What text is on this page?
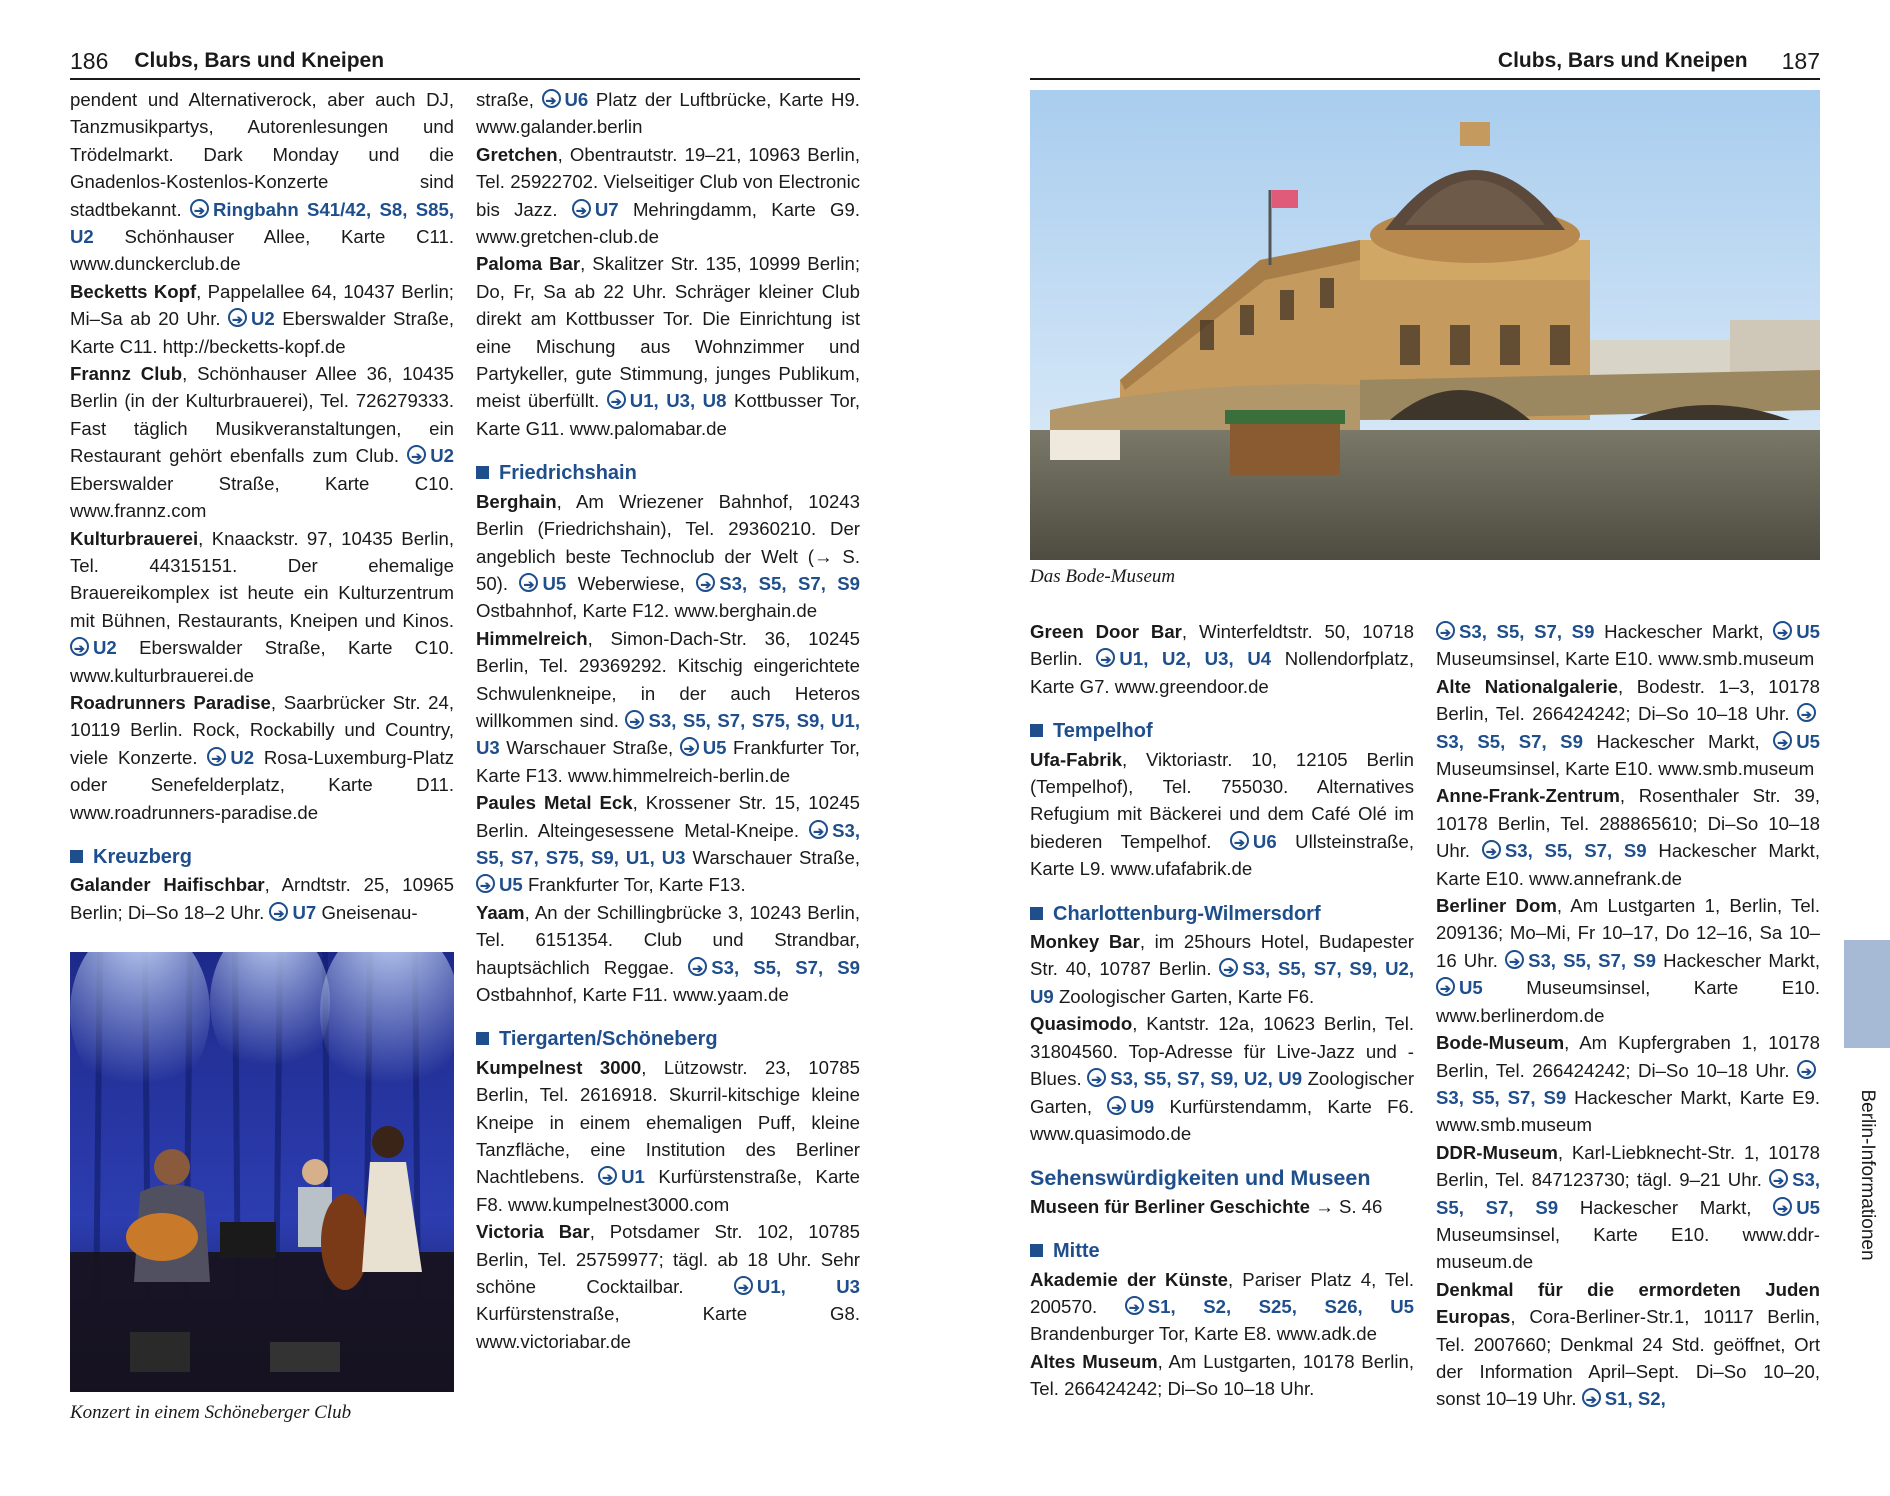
186 Clubs, Bars und Kneipen

pendent und Alternativerock, aber auch DJ, Tanzmusikpartys, Autorenlesungen und Trödelmarkt. Dark Monday und die Gnadenlos-Kostenlos-Konzerte sind stadtbekannt. ➔ Ringbahn S41/42, S8, S85, U2 Schönhauser Allee, Karte C11. www.dunckerclub.de

Becketts Kopf, Pappelallee 64, 10437 Berlin; Mi–Sa ab 20 Uhr. ➔ U2 Eberswalder Straße, Karte C11. http://becketts-kopf.de

Frannz Club, Schönhauser Allee 36, 10435 Berlin (in der Kulturbrauerei), Tel. 726279333. Fast täglich Musikveranstaltungen, ein Restaurant gehört ebenfalls zum Club. ➔ U2 Eberswalder Straße, Karte C10. www.frannz.com

Kulturbrauerei, Knaackstr. 97, 10435 Berlin, Tel. 44315151. Der ehemalige Brauereikomplex ist heute ein Kulturzentrum mit Bühnen, Restaurants, Kneipen und Kinos. ➔ U2 Eberswalder Straße, Karte C10. www.kulturbrauerei.de

Roadrunners Paradise, Saarbrücker Str. 24, 10119 Berlin. Rock, Rockabilly und Country, viele Konzerte. ➔ U2 Rosa-Luxemburg-Platz oder Senefelderplatz, Karte D11. www.roadrunners-paradise.de

Kreuzberg

Galander Haifischbar, Arndtstr. 25, 10965 Berlin; Di–So 18–2 Uhr. ➔ U7 Gneisenau-

Konzert in einem Schöneberger Club

straße, ➔ U6 Platz der Luftbrücke, Karte H9. www.galander.berlin

Gretchen, Obentrautstr. 19–21, 10963 Berlin, Tel. 25922702. Vielseitiger Club von Electronic bis Jazz. ➔ U7 Mehringdamm, Karte G9. www.gretchen-club.de

Paloma Bar, Skalitzer Str. 135, 10999 Berlin; Do, Fr, Sa ab 22 Uhr. Schräger kleiner Club direkt am Kottbusser Tor. Die Einrichtung ist eine Mischung aus Wohnzimmer und Partykeller, gute Stimmung, junges Publikum, meist überfüllt. ➔ U1, U3, U8 Kottbusser Tor, Karte G11. www.palomabar.de

Friedrichshain

Berghain, Am Wriezener Bahnhof, 10243 Berlin (Friedrichshain), Tel. 29360210. Der angeblich beste Technoclub der Welt (→ S. 50). ➔ U5 Weberwiese, ➔ S3, S5, S7, S9 Ostbahnhof, Karte F12. www.berghain.de

Himmelreich, Simon-Dach-Str. 36, 10245 Berlin, Tel. 29369292. Kitschig eingerichtete Schwulenkneipe, in der auch Heteros willkommen sind. ➔ S3, S5, S7, S75, S9, U1, U3 Warschauer Straße, ➔ U5 Frankfurter Tor, Karte F13. www.himmelreich-berlin.de

Paules Metal Eck, Krossener Str. 15, 10245 Berlin. Alteingesessene Metal-Kneipe. ➔ S3, S5, S7, S75, S9, U1, U3 Warschauer Straße, ➔ U5 Frankfurter Tor, Karte F13.

Yaam, An der Schillingbrücke 3, 10243 Berlin, Tel. 6151354. Club und Strandbar, hauptsächlich Reggae. ➔ S3, S5, S7, S9 Ostbahnhof, Karte F11. www.yaam.de

Tiergarten/Schöneberg

Kumpelnest 3000, Lützowstr. 23, 10785 Berlin, Tel. 2616918. Skurril-kitschige kleine Kneipe in einem ehemaligen Puff, kleine Tanzfläche, eine Institution des Berliner Nachtlebens. ➔ U1 Kurfürstenstraße, Karte F8. www.kumpelnest3000.com

Victoria Bar, Potsdamer Str. 102, 10785 Berlin, Tel. 25759977; tägl. ab 18 Uhr. Sehr schöne Cocktailbar.	➔ U1, U3 Kurfürstenstraße, Karte G8. www.victoriabar.de

Clubs, Bars und Kneipen 187
Das Bode-Museum

Green Door Bar, Winterfeldtstr. 50, 10718 Berlin. ➔ U1, U2, U3, U4 Nollendorfplatz, Karte G7. www.greendoor.de

Tempelhof

Ufa-Fabrik, Viktoriastr. 10, 12105 Berlin (Tempelhof), Tel. 755030. Alternatives Refugium mit Bäckerei und dem Café Olé im biederen Tempelhof. ➔ U6 Ullsteinstraße, Karte L9. www.ufafabrik.de

Charlottenburg-Wilmersdorf

Monkey Bar, im 25hours Hotel, Budapester Str. 40, 10787 Berlin. ➔ S3, S5, S7, S9, U2, U9 Zoologischer Garten, Karte F6.

Quasimodo, Kantstr. 12a, 10623 Berlin, Tel. 31804560. Top-Adresse für Live-Jazz und -Blues. ➔ S3, S5, S7, S9, U2, U9 Zoologischer Garten, ➔ U9 Kurfürstendamm, Karte F6. www.quasimodo.de

Sehenswürdigkeiten und Museen

Museen für Berliner Geschichte → S. 46

Mitte

Akademie der Künste, Pariser Platz 4, Tel. 200570.	➔ S1, S2, S25, S26, U5 Brandenburger Tor, Karte E8. www.adk.de

Altes Museum, Am Lustgarten, 10178 Berlin, Tel. 266424242; Di–So 10–18 Uhr.

➔ S3, S5, S7, S9 Hackescher Markt, ➔ U5 Museumsinsel, Karte E10. www.smb.museum

Alte Nationalgalerie, Bodestr. 1–3, 10178 Berlin, Tel. 266424242; Di–So 10–18 Uhr. ➔ S3, S5, S7, S9 Hackescher Markt, ➔ U5 Museumsinsel, Karte E10. www.smb.museum

Anne-Frank-Zentrum, Rosenthaler Str. 39, 10178 Berlin, Tel. 288865610; Di–So 10–18 Uhr. ➔ S3, S5, S7, S9 Hackescher Markt, Karte E10. www.annefrank.de

Berliner Dom, Am Lustgarten 1, Berlin, Tel. 209136; Mo–Mi, Fr 10–17, Do 12–16, Sa 10–16 Uhr. ➔ S3, S5, S7, S9 Hackescher Markt, ➔ U5 Museumsinsel, Karte E10. www.berlinerdom.de

Bode-Museum, Am Kupfergraben 1, 10178 Berlin, Tel. 266424242; Di–So 10–18 Uhr. ➔ S3, S5, S7, S9 Hackescher Markt, Karte E9. www.smb.museum

DDR-Museum, Karl-Liebknecht-Str. 1, 10178 Berlin, Tel. 847123730; tägl. 9–21 Uhr. ➔ S3, S5, S7, S9 Hackescher Markt, ➔ U5 Museumsinsel, Karte E10. www.ddr-museum.de

Denkmal für die ermordeten Juden Europas, Cora-Berliner-Str.1, 10117 Berlin, Tel. 2007660; Denkmal 24 Std. geöffnet, Ort der Information April–Sept. Di–So 10–20, sonst 10–19 Uhr. ➔ S1, S2,

Berlin-Informationen
